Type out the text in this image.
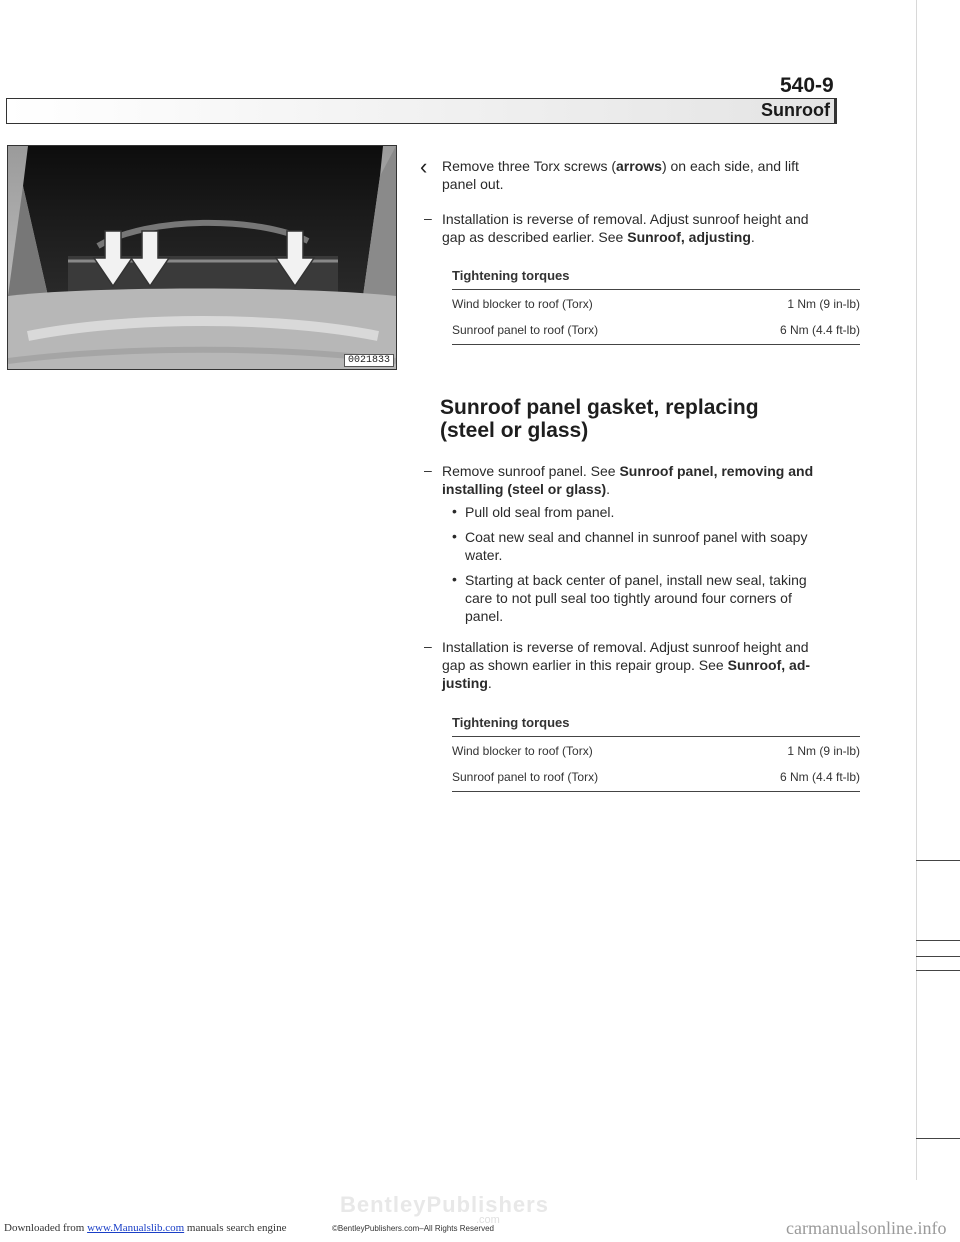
540-9
Sunroof
0021833
‹ Remove three Torx screws (arrows) on each side, and lift
panel out.
– Installation is reverse of removal. Adjust sunroof height and
gap as described earlier. See Sunroof, adjusting.
Tightening torques
Wind blocker to roof (Torx)	1 Nm (9 in-lb)
Sunroof panel to roof (Torx)	6 Nm (4.4 ft-lb)
Sunroof panel gasket, replacing
(steel or glass)
– Remove sunroof panel. See Sunroof panel, removing and
installing (steel or glass).
• Pull old seal from panel.
• Coat new seal and channel in sunroof panel with soapy
water.
• Starting at back center of panel, install new seal, taking
care to not pull seal too tightly around four corners of
panel.
– Installation is reverse of removal. Adjust sunroof height and
gap as shown earlier in this repair group. See Sunroof, ad-
justing.
Tightening torques
Wind blocker to roof (Torx)	1 Nm (9 in-lb)
Sunroof panel to roof (Torx)	6 Nm (4.4 ft-lb)
BentleyPublishers
.com
Downloaded from www.Manualslib.com manuals search engine	©BentleyPublishers.com–All Rights Reserved	carmanualsonline.info
